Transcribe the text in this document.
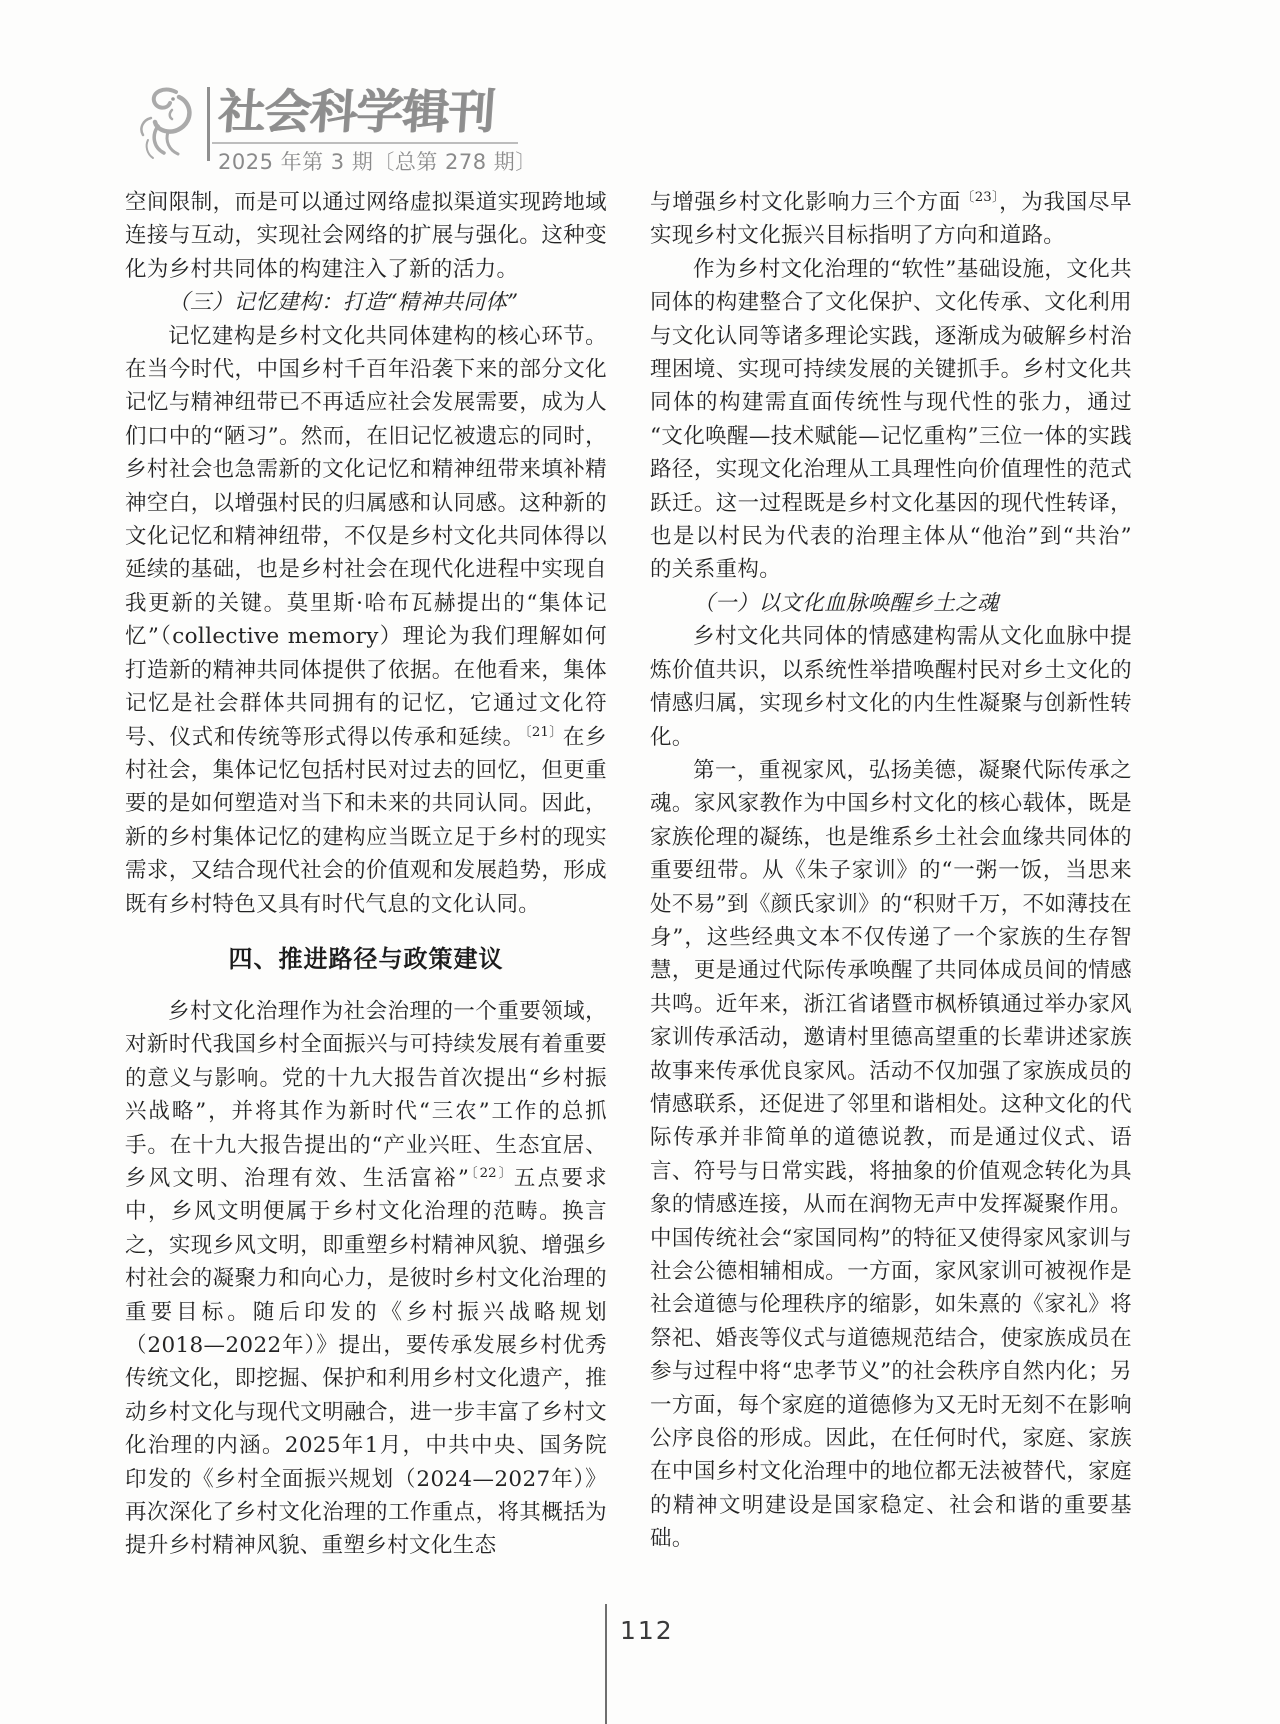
社会科学辑刊
2025 年第 3 期〔总第 278 期〕

空间限制，而是可以通过网络虚拟渠道实现跨地域连接与互动，实现社会网络的扩展与强化。这种变化为乡村共同体的构建注入了新的活力。

（三）记忆建构：打造“精神共同体”

记忆建构是乡村文化共同体建构的核心环节。在当今时代，中国乡村千百年沿袭下来的部分文化记忆与精神纽带已不再适应社会发展需要，成为人们口中的“陋习”。然而，在旧记忆被遗忘的同时，乡村社会也急需新的文化记忆和精神纽带来填补精神空白，以增强村民的归属感和认同感。这种新的文化记忆和精神纽带，不仅是乡村文化共同体得以延续的基础，也是乡村社会在现代化进程中实现自我更新的关键。莫里斯·哈布瓦赫提出的“集体记忆”（collective memory）理论为我们理解如何打造新的精神共同体提供了依据。在他看来，集体记忆是社会群体共同拥有的记忆，它通过文化符号、仪式和传统等形式得以传承和延续。$^{〔21〕}$在乡村社会，集体记忆包括村民对过去的回忆，但更重要的是如何塑造对当下和未来的共同认同。因此，新的乡村集体记忆的建构应当既立足于乡村的现实需求，又结合现代社会的价值观和发展趋势，形成既有乡村特色又具有时代气息的文化认同。

四、推进路径与政策建议

乡村文化治理作为社会治理的一个重要领域，对新时代我国乡村全面振兴与可持续发展有着重要的意义与影响。党的十九大报告首次提出“乡村振兴战略”，并将其作为新时代“三农”工作的总抓手。在十九大报告提出的“产业兴旺、生态宜居、乡风文明、治理有效、生活富裕”$^{〔22〕}$五点要求中，乡风文明便属于乡村文化治理的范畴。换言之，实现乡风文明，即重塑乡村精神风貌、增强乡村社会的凝聚力和向心力，是彼时乡村文化治理的重要目标。随后印发的《乡村振兴战略规划（2018—2022年）》提出，要传承发展乡村优秀传统文化，即挖掘、保护和利用乡村文化遗产，推动乡村文化与现代文明融合，进一步丰富了乡村文化治理的内涵。2025年1月，中共中央、国务院印发的《乡村全面振兴规划（2024—2027年）》再次深化了乡村文化治理的工作重点，将其概括为提升乡村精神风貌、重塑乡村文化生态

与增强乡村文化影响力三个方面$^{〔23〕}$，为我国尽早实现乡村文化振兴目标指明了方向和道路。

作为乡村文化治理的“软性”基础设施，文化共同体的构建整合了文化保护、文化传承、文化利用与文化认同等诸多理论实践，逐渐成为破解乡村治理困境、实现可持续发展的关键抓手。乡村文化共同体的构建需直面传统性与现代性的张力，通过“文化唤醒—技术赋能—记忆重构”三位一体的实践路径，实现文化治理从工具理性向价值理性的范式跃迁。这一过程既是乡村文化基因的现代性转译，也是以村民为代表的治理主体从“他治”到“共治”的关系重构。

（一）以文化血脉唤醒乡土之魂

乡村文化共同体的情感建构需从文化血脉中提炼价值共识，以系统性举措唤醒村民对乡土文化的情感归属，实现乡村文化的内生性凝聚与创新性转化。

第一，重视家风，弘扬美德，凝聚代际传承之魂。家风家教作为中国乡村文化的核心载体，既是家族伦理的凝练，也是维系乡土社会血缘共同体的重要纽带。从《朱子家训》的“一粥一饭，当思来处不易”到《颜氏家训》的“积财千万，不如薄技在身”，这些经典文本不仅传递了一个家族的生存智慧，更是通过代际传承唤醒了共同体成员间的情感共鸣。近年来，浙江省诸暨市枫桥镇通过举办家风家训传承活动，邀请村里德高望重的长辈讲述家族故事来传承优良家风。活动不仅加强了家族成员的情感联系，还促进了邻里和谐相处。这种文化的代际传承并非简单的道德说教，而是通过仪式、语言、符号与日常实践，将抽象的价值观念转化为具象的情感连接，从而在润物无声中发挥凝聚作用。中国传统社会“家国同构”的特征又使得家风家训与社会公德相辅相成。一方面，家风家训可被视作是社会道德与伦理秩序的缩影，如朱熹的《家礼》将祭祀、婚丧等仪式与道德规范结合，使家族成员在参与过程中将“忠孝节义”的社会秩序自然内化；另一方面，每个家庭的道德修为又无时无刻不在影响公序良俗的形成。因此，在任何时代，家庭、家族在中国乡村文化治理中的地位都无法被替代，家庭的精神文明建设是国家稳定、社会和谐的重要基础。

112
